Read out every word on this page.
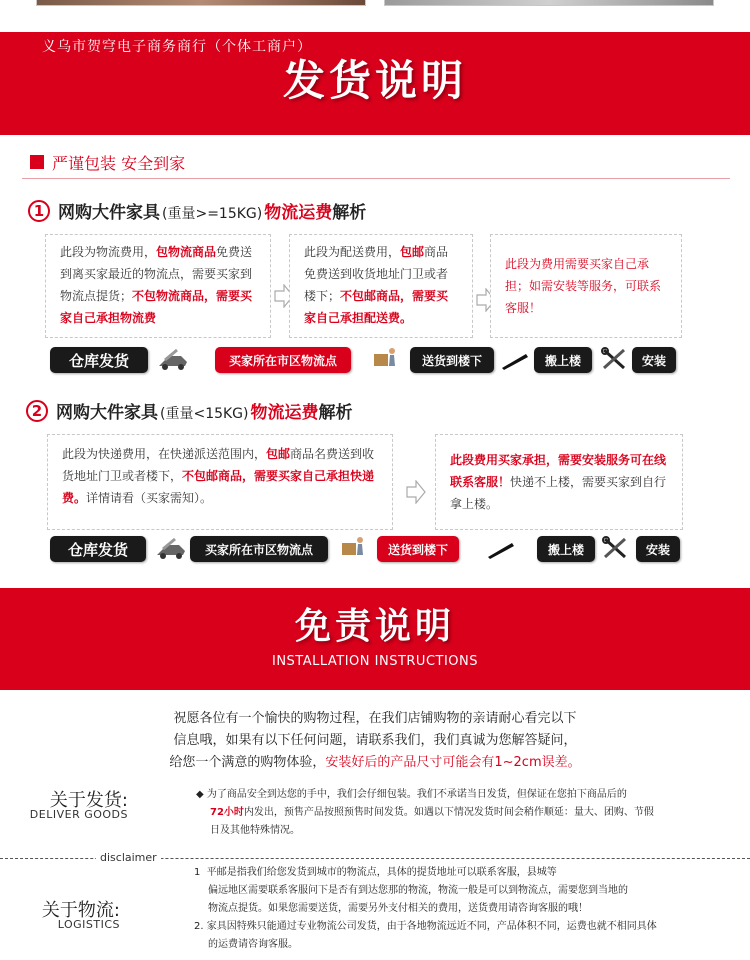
义乌市贺穹电子商务商行（个体工商户）
发货说明
严谨包装 安全到家
1 网购大件家具 (重量>=15KG) 物流运费 解析
此段为物流费用，包物流商品免费送到离买家最近的物流点，需要买家到物流点提货；不包物流商品，需要买家自己承担物流费
此段为配送费用，包邮商品免费送到收货地址门卫或者楼下；不包邮商品，需要买家自己承担配送费。
此段为费用需要买家自己承担；如需安装等服务，可联系客服！
仓库发货	买家所在市区物流点	送货到楼下	搬上楼	安装
2 网购大件家具 (重量<15KG) 物流运费 解析
此段为快递费用，在快递派送范围内，包邮商品名费送到收货地址门卫或者楼下，不包邮商品，需要买家自己承担快递费。详情请看（买家需知）。
此段费用买家承担，需要安装服务可在线联系客服！快递不上楼，需要买家到自行拿上楼。
仓库发货	买家所在市区物流点	送货到楼下	搬上楼	安装
免责说明
INSTALLATION INSTRUCTIONS
祝愿各位有一个愉快的购物过程，在我们店铺购物的亲请耐心看完以下
信息哦，如果有以下任何问题，请联系我们，我们真诚为您解答疑问，
给您一个满意的购物体验，安装好后的产品尺寸可能会有1~2cm误差。
关于发货:
DELIVER GOODS
◆ 为了商品安全到达您的手中，我们会仔细包装。我们不承诺当日发货，但保证在您拍下商品后的
72小时内发出，预售产品按照预售时间发货。如遇以下情况发货时间会稍作顺延：量大、团购、节假
日及其他特殊情况。
disclaimer
关于物流:
LOGISTICS
1 平邮是指我们给您发货到城市的物流点，具体的提货地址可以联系客服，县城等
偏远地区需要联系客服问下是否有到达您那的物流，物流一般是可以到物流点，需要您到当地的
物流点提货。如果您需要送货，需要另外支付相关的费用，送货费用请咨询客服的哦！
2. 家具因特殊只能通过专业物流公司发货，由于各地物流远近不同，产品体积不同，运费也就不相同具体
的运费请咨询客服。
